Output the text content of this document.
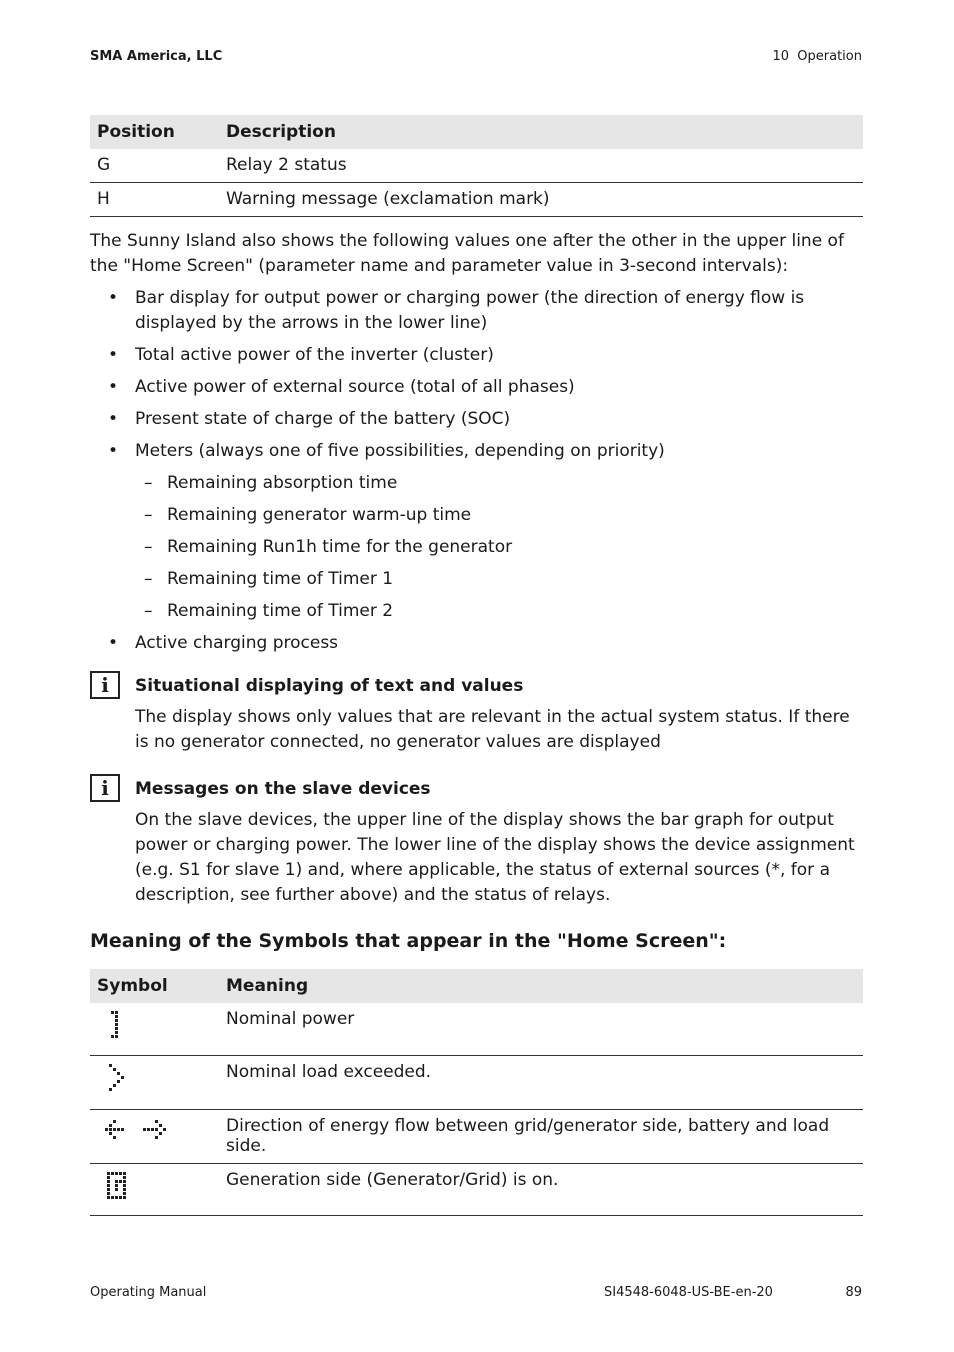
SMA America, LLC	10  Operation
Position	Description
G	Relay 2 status
H	Warning message (exclamation mark)
The Sunny Island also shows the following values one after the other in the upper line of the "Home Screen" (parameter name and parameter value in 3-second intervals):
• Bar display for output power or charging power (the direction of energy flow is displayed by the arrows in the lower line)
• Total active power of the inverter (cluster)
• Active power of external source (total of all phases)
• Present state of charge of the battery (SOC)
• Meters (always one of five possibilities, depending on priority)
– Remaining absorption time
– Remaining generator warm-up time
– Remaining Run1h time for the generator
– Remaining time of Timer 1
– Remaining time of Timer 2
• Active charging process
i	Situational displaying of text and values
The display shows only values that are relevant in the actual system status. If there is no generator connected, no generator values are displayed
i	Messages on the slave devices
On the slave devices, the upper line of the display shows the bar graph for output power or charging power. The lower line of the display shows the device assignment (e.g. S1 for slave 1) and, where applicable, the status of external sources (*, for a description, see further above) and the status of relays.
Meaning of the Symbols that appear in the "Home Screen":
Symbol	Meaning
	Nominal power
	Nominal load exceeded.
	Direction of energy flow between grid/generator side, battery and load side.
	Generation side (Generator/Grid) is on.
Operating Manual	SI4548-6048-US-BE-en-20	89
